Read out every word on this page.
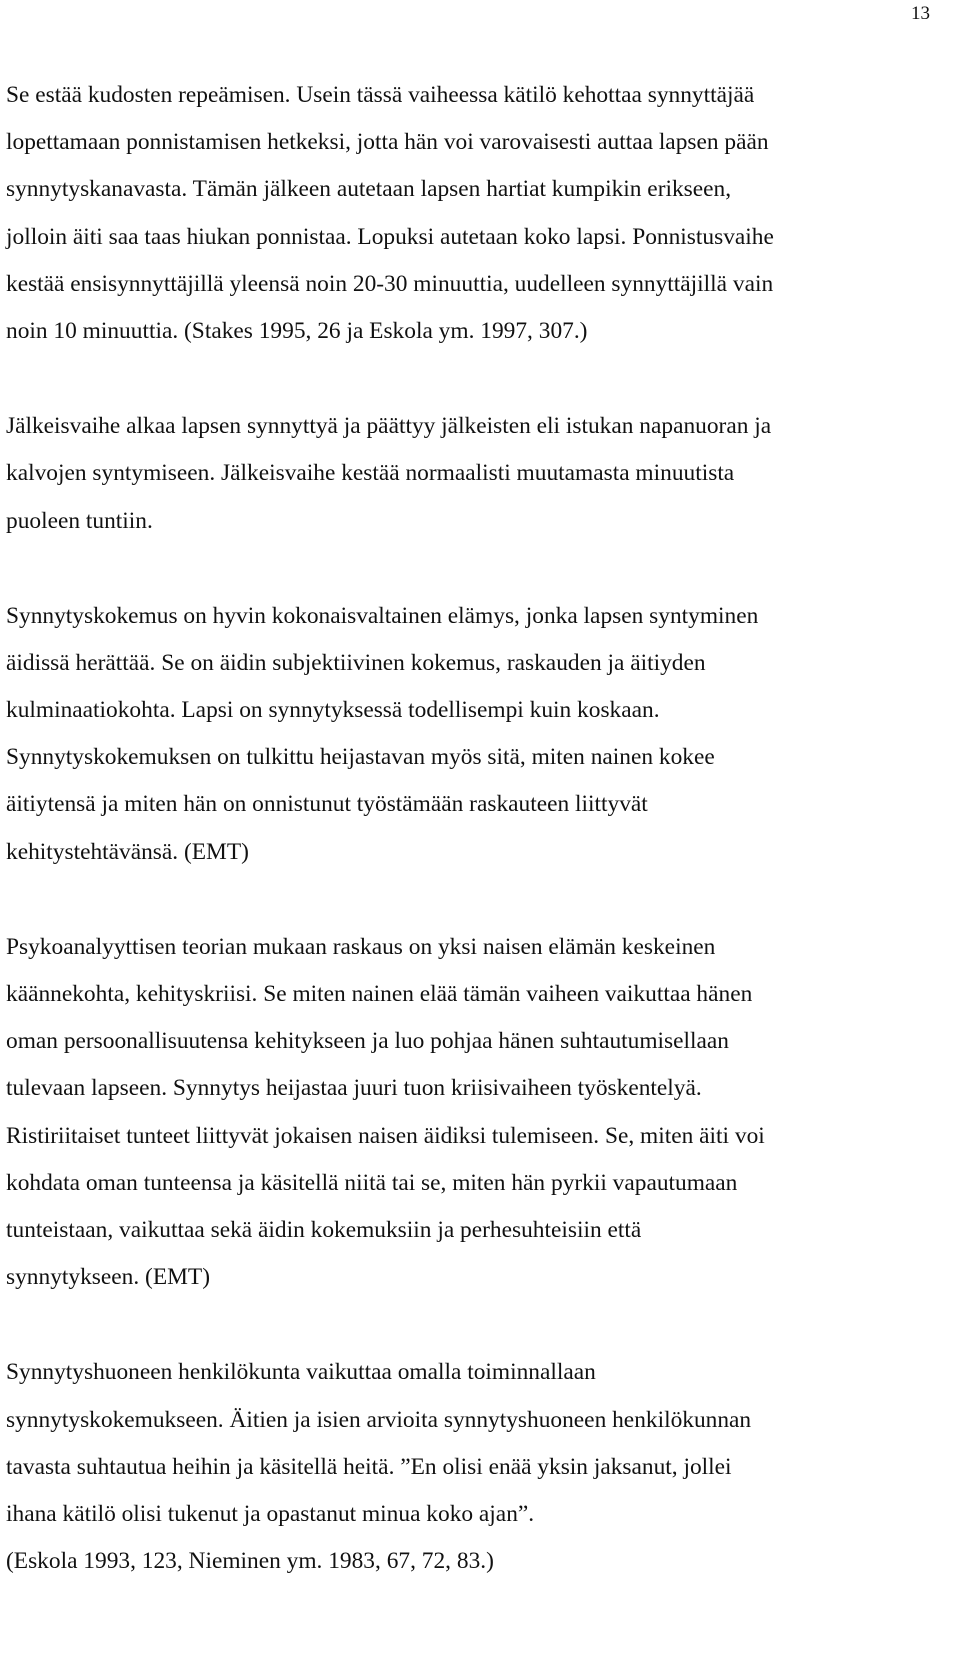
13

Se estää kudosten repeämisen. Usein tässä vaiheessa kätilö kehottaa synnyttäjää
lopettamaan ponnistamisen hetkeksi, jotta hän voi varovaisesti auttaa lapsen pään
synnytyskanavasta. Tämän jälkeen autetaan lapsen hartiat kumpikin erikseen,
jolloin äiti saa taas hiukan ponnistaa. Lopuksi autetaan koko lapsi. Ponnistusvaihe
kestää ensisynnyttäjillä yleensä noin 20-30 minuuttia, uudelleen synnyttäjillä vain
noin 10 minuuttia. (Stakes 1995, 26 ja Eskola ym. 1997, 307.)

Jälkeisvaihe alkaa lapsen synnyttyä ja päättyy jälkeisten eli istukan napanuoran ja
kalvojen syntymiseen. Jälkeisvaihe kestää normaalisti muutamasta minuutista
puoleen tuntiin.

Synnytyskokemus on hyvin kokonaisvaltainen elämys, jonka lapsen syntyminen
äidissä herättää. Se on äidin subjektiivinen kokemus, raskauden ja äitiyden
kulminaatiokohta. Lapsi on synnytyksessä todellisempi kuin koskaan.
Synnytyskokemuksen on tulkittu heijastavan myös sitä, miten nainen kokee
äitiytensä ja miten hän on onnistunut työstämään raskauteen liittyvät
kehitystehtävänsä. (EMT)

Psykoanalyyttisen teorian mukaan raskaus on yksi naisen elämän keskeinen
käännekohta, kehityskriisi. Se miten nainen elää tämän vaiheen vaikuttaa hänen
oman persoonallisuutensa kehitykseen ja luo pohjaa hänen suhtautumisellaan
tulevaan lapseen. Synnytys heijastaa juuri tuon kriisivaiheen työskentelyä.
Ristiriitaiset tunteet liittyvät jokaisen naisen äidiksi tulemiseen. Se, miten äiti voi
kohdata oman tunteensa ja käsitellä niitä tai se, miten hän pyrkii vapautumaan
tunteistaan, vaikuttaa sekä äidin kokemuksiin ja perhesuhteisiin että
synnytykseen. (EMT)

Synnytyshuoneen henkilökunta vaikuttaa omalla toiminnallaan
synnytyskokemukseen. Äitien ja isien arvioita synnytyshuoneen henkilökunnan
tavasta suhtautua heihin ja käsitellä heitä. ”En olisi enää yksin jaksanut, jollei
ihana kätilö olisi tukenut ja opastanut minua koko ajan”.
(Eskola 1993, 123, Nieminen ym. 1983, 67, 72, 83.)
